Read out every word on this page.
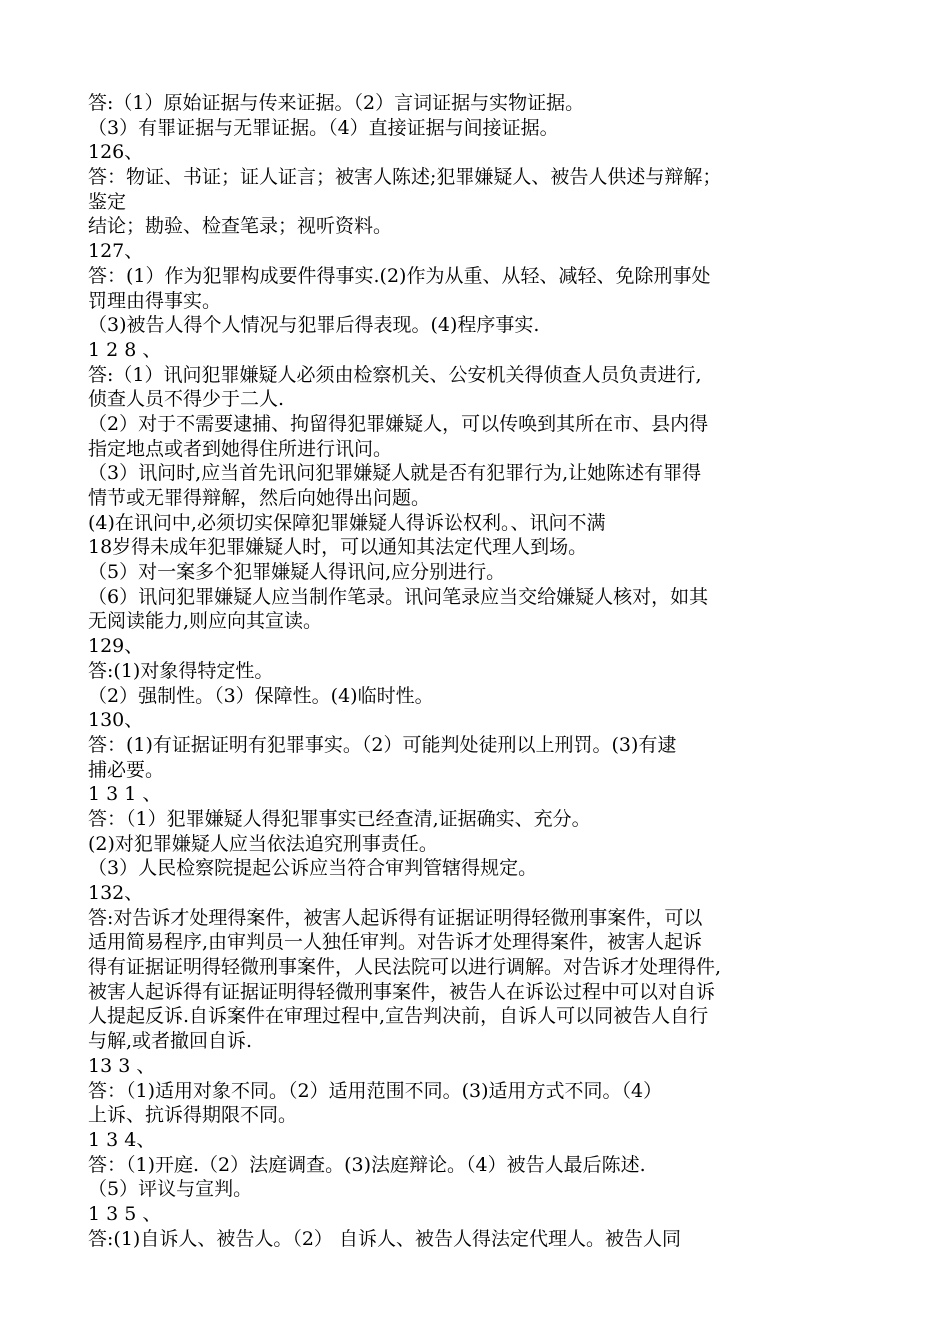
答:（1）原始证据与传来证据。（2）言词证据与实物证据。
（3）有罪证据与无罪证据。（4）直接证据与间接证据。
126、
答：物证、书证；证人证言；被害人陈述;犯罪嫌疑人、被告人供述与辩解；
鉴定
结论；勘验、检查笔录；视听资料。
127、
答：(1）作为犯罪构成要件得事实.(2)作为从重、从轻、减轻、免除刑事处
罚理由得事实。
（3)被告人得个人情况与犯罪后得表现。(4)程序事实.
1 2 8 、
答:（1）讯问犯罪嫌疑人必须由检察机关、公安机关得侦查人员负责进行,
侦查人员不得少于二人.
（2）对于不需要逮捕、拘留得犯罪嫌疑人，可以传唤到其所在市、县内得
指定地点或者到她得住所进行讯问。
（3）讯问时,应当首先讯问犯罪嫌疑人就是否有犯罪行为,让她陈述有罪得
情节或无罪得辩解，然后向她得出问题。
(4)在讯问中,必须切实保障犯罪嫌疑人得诉讼权利。、讯问不满
18岁得未成年犯罪嫌疑人时，可以通知其法定代理人到场。
（5）对一案多个犯罪嫌疑人得讯问,应分别进行。
（6）讯问犯罪嫌疑人应当制作笔录。讯问笔录应当交给嫌疑人核对，如其
无阅读能力,则应向其宣读。
129、
答:(1)对象得特定性。
（2）强制性。（3）保障性。(4)临时性。
130、
答：(1)有证据证明有犯罪事实。（2）可能判处徒刑以上刑罚。(3)有逮
捕必要。
1 3 1 、
答：（1）犯罪嫌疑人得犯罪事实已经查清,证据确实、充分。
(2)对犯罪嫌疑人应当依法追究刑事责任。
（3）人民检察院提起公诉应当符合审判管辖得规定。
132、
答:对告诉才处理得案件，被害人起诉得有证据证明得轻微刑事案件，可以
适用简易程序,由审判员一人独任审判。对告诉才处理得案件，被害人起诉
得有证据证明得轻微刑事案件，人民法院可以进行调解。对告诉才处理得件,
被害人起诉得有证据证明得轻微刑事案件，被告人在诉讼过程中可以对自诉
人提起反诉.自诉案件在审理过程中,宣告判决前，自诉人可以同被告人自行
与解,或者撤回自诉.
13 3 、
答：（1)适用对象不同。（2）适用范围不同。(3)适用方式不同。（4）
上诉、抗诉得期限不同。
1 3 4、
答：（1)开庭.（2）法庭调查。(3)法庭辩论。（4）被告人最后陈述.
（5）评议与宣判。
1 3 5 、
答:(1)自诉人、被告人。（2） 自诉人、被告人得法定代理人。被告人同
